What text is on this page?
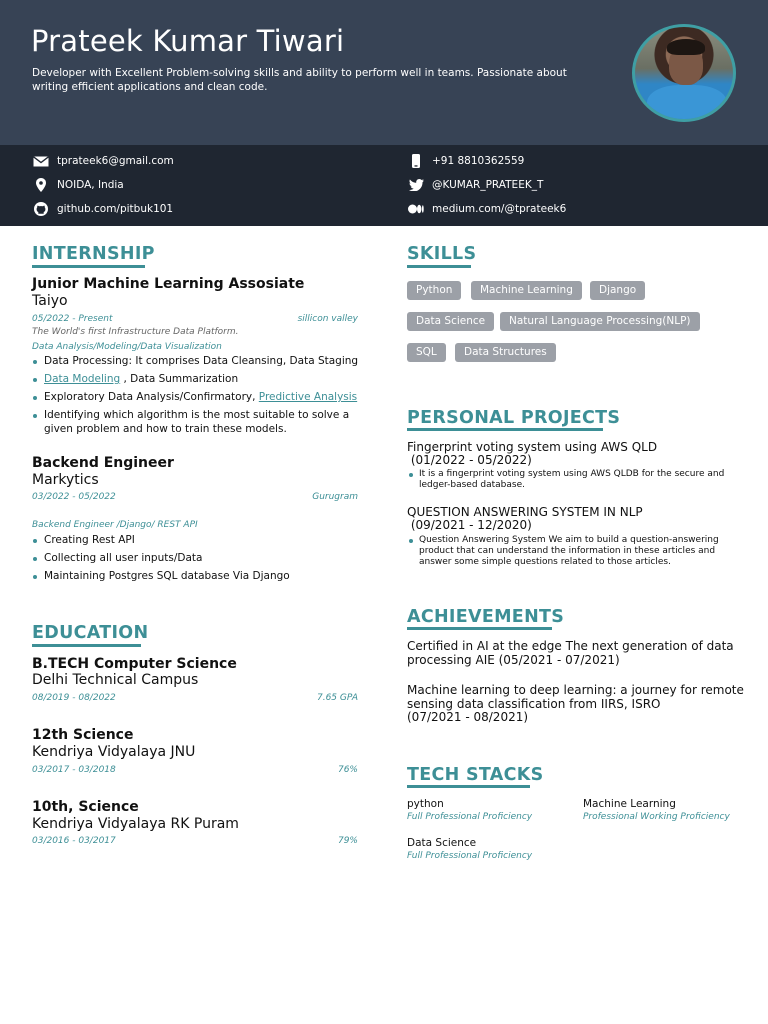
Prateek Kumar Tiwari
Developer with Excellent Problem-solving skills and ability to perform well in teams. Passionate about writing efficient applications and clean code.
tprateek6@gmail.com	+91 8810362559
NOIDA, India	@KUMAR_PRATEEK_T
github.com/pitbuk101	medium.com/@tprateek6
INTERNSHIP
Junior Machine Learning Assosiate
Taiyo
05/2022 - Present	sillicon valley
The World's first Infrastructure Data Platform.
Data Analysis/Modeling/Data Visualization
Data Processing: It comprises Data Cleansing, Data Staging
Data Modeling , Data Summarization
Exploratory Data Analysis/Confirmatory, Predictive Analysis
Identifying which algorithm is the most suitable to solve a given problem and how to train these models.
Backend Engineer
Markytics
03/2022 - 05/2022	Gurugram
Backend Engineer /Django/ REST API
Creating Rest API
Collecting all user inputs/Data
Maintaining Postgres SQL database Via Django
EDUCATION
B.TECH Computer Science
Delhi Technical Campus
08/2019 - 08/2022	7.65 GPA
12th Science
Kendriya Vidyalaya JNU
03/2017 - 03/2018	76%
10th, Science
Kendriya Vidyalaya RK Puram
03/2016 - 03/2017	79%
SKILLS
Python	Machine Learning	Django
Data Science	Natural Language Processing(NLP)
SQL	Data Structures
PERSONAL PROJECTS
Fingerprint voting system using AWS QLD
(01/2022 - 05/2022)
It is a fingerprint voting system using AWS QLDB for the secure and ledger-based database.
QUESTION ANSWERING SYSTEM IN NLP
(09/2021 - 12/2020)
Question Answering System We aim to build a question-answering product that can understand the information in these articles and answer some simple questions related to those articles.
ACHIEVEMENTS
Certified in AI at the edge The next generation of data processing AIE (05/2021 - 07/2021)
Machine learning to deep learning: a journey for remote sensing data classification from IIRS, ISRO
(07/2021 - 08/2021)
TECH STACKS
python
Full Professional Proficiency
Machine Learning
Professional Working Proficiency
Data Science
Full Professional Proficiency
